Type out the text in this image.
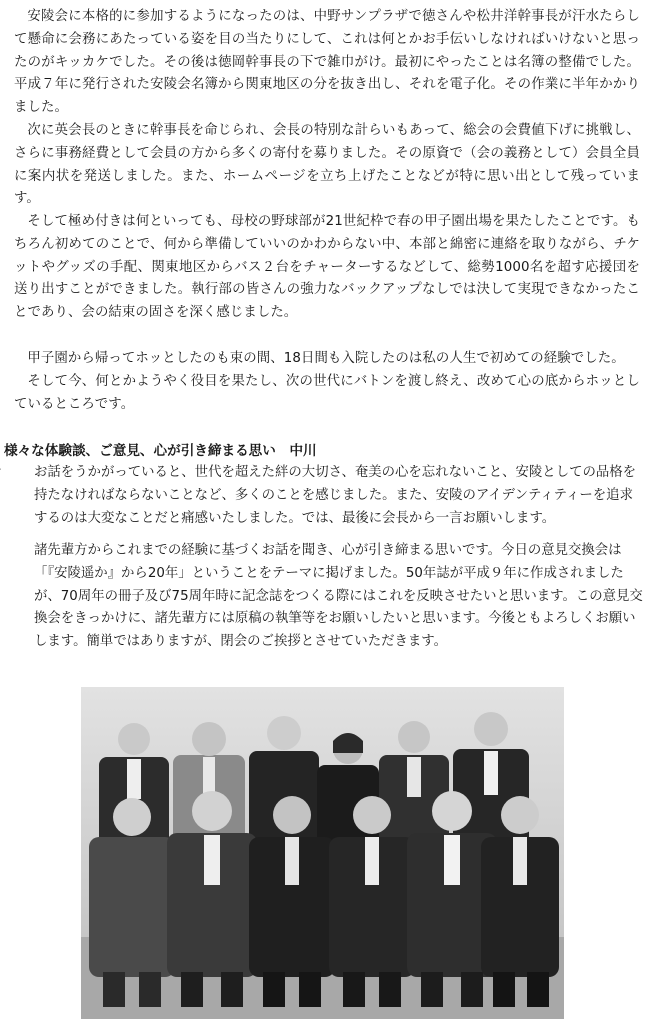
安陵会に本格的に参加するようになったのは、中野サンプラザで徳さんや松井洋幹事長が汗水たらして懸命に会務にあたっている姿を目の当たりにして、これは何とかお手伝いしなければいけないと思ったのがキッカケでした。その後は徳岡幹事長の下で雑巾がけ。最初にやったことは名簿の整備でした。平成７年に発行された安陵会名簿から関東地区の分を抜き出し、それを電子化。その作業に半年かかりました。

次に英会長のときに幹事長を命じられ、会長の特別な計らいもあって、総会の会費値下げに挑戦し、さらに事務経費として会員の方から多くの寄付を募りました。その原資で（会の義務として）会員全員に案内状を発送しました。また、ホームページを立ち上げたことなどが特に思い出として残っています。

そして極め付きは何といっても、母校の野球部が21世紀枠で春の甲子園出場を果たしたことです。もちろん初めてのことで、何から準備していいのかわからない中、本部と綿密に連絡を取りながら、チケットやグッズの手配、関東地区からバス２台をチャーターするなどして、総勢1000名を超す応援団を送り出すことができました。執行部の皆さんの強力なバックアップなしでは決して実現できなかったことであり、会の結束の固さを深く感じました。

甲子園から帰ってホッとしたのも束の間、18日間も入院したのは私の人生で初めての経験でした。

そして今、何とかようやく役目を果たし、次の世代にバトンを渡し終え、改めて心の底からホッとしているところです。

様々な体験談、ご意見、心が引き締まる思い　中川

お話をうかがっていると、世代を超えた絆の大切さ、奄美の心を忘れないこと、安陵としての品格を持たなければならないことなど、多くのことを感じました。また、安陵のアイデンティティーを追求するのは大変なことだと痛感いたしました。では、最後に会長から一言お願いします。
諸先輩方からこれまでの経験に基づくお話を聞き、心が引き締まる思いです。今日の意見交換会は「『安陵遥か』から20年」ということをテーマに掲げました。50年誌が平成９年に作成されましたが、70周年の冊子及び75周年時に記念誌をつくる際にはこれを反映させたいと思います。この意見交換会をきっかけに、諸先輩方には原稿の執筆等をお願いしたいと思います。今後ともよろしくお願いします。簡単ではありますが、閉会のご挨拶とさせていただきます。
